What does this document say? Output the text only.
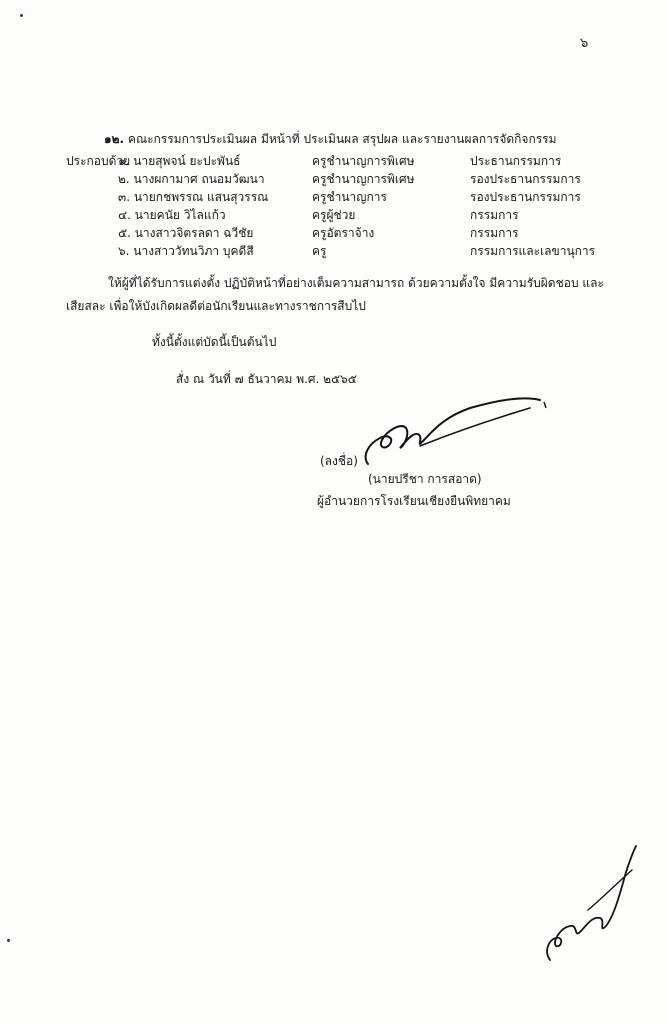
๖
๑๒. คณะกรรมการประเมินผล มีหน้าที่ ประเมินผล สรุปผล และรายงานผลการจัดกิจกรรม
ประกอบด้วย
๑. นายสุพจน์ ยะปะพันธ์	ครูชำนาญการพิเศษ	ประธานกรรมการ
๒. นางผกามาศ ถนอมวัฒนา	ครูชำนาญการพิเศษ	รองประธานกรรมการ
๓. นายกชพรรณ แสนสุวรรณ	ครูชำนาญการ	รองประธานกรรมการ
๔. นายคนัย วิไลแก้ว	ครูผู้ช่วย	กรรมการ
๕. นางสาวจิตรลดา ฉวีชัย	ครูอัตราจ้าง	กรรมการ
๖. นางสาววัทนวิภา บุคดีสี	ครู	กรรมการและเลขานุการ
ให้ผู้ที่ได้รับการแต่งตั้ง ปฏิบัติหน้าที่อย่างเต็มความสามารถ ด้วยความตั้งใจ มีความรับผิดชอบ และ
เสียสละ เพื่อให้บังเกิดผลดีต่อนักเรียนและทางราชการสืบไป
ทั้งนี้ตั้งแต่บัดนี้เป็นต้นไป
สั่ง ณ วันที่ ๗ ธันวาคม พ.ศ. ๒๕๖๕
(ลงชื่อ)
(นายปรีชา การสอาด)
ผู้อำนวยการโรงเรียนเชียงยืนพิทยาคม
